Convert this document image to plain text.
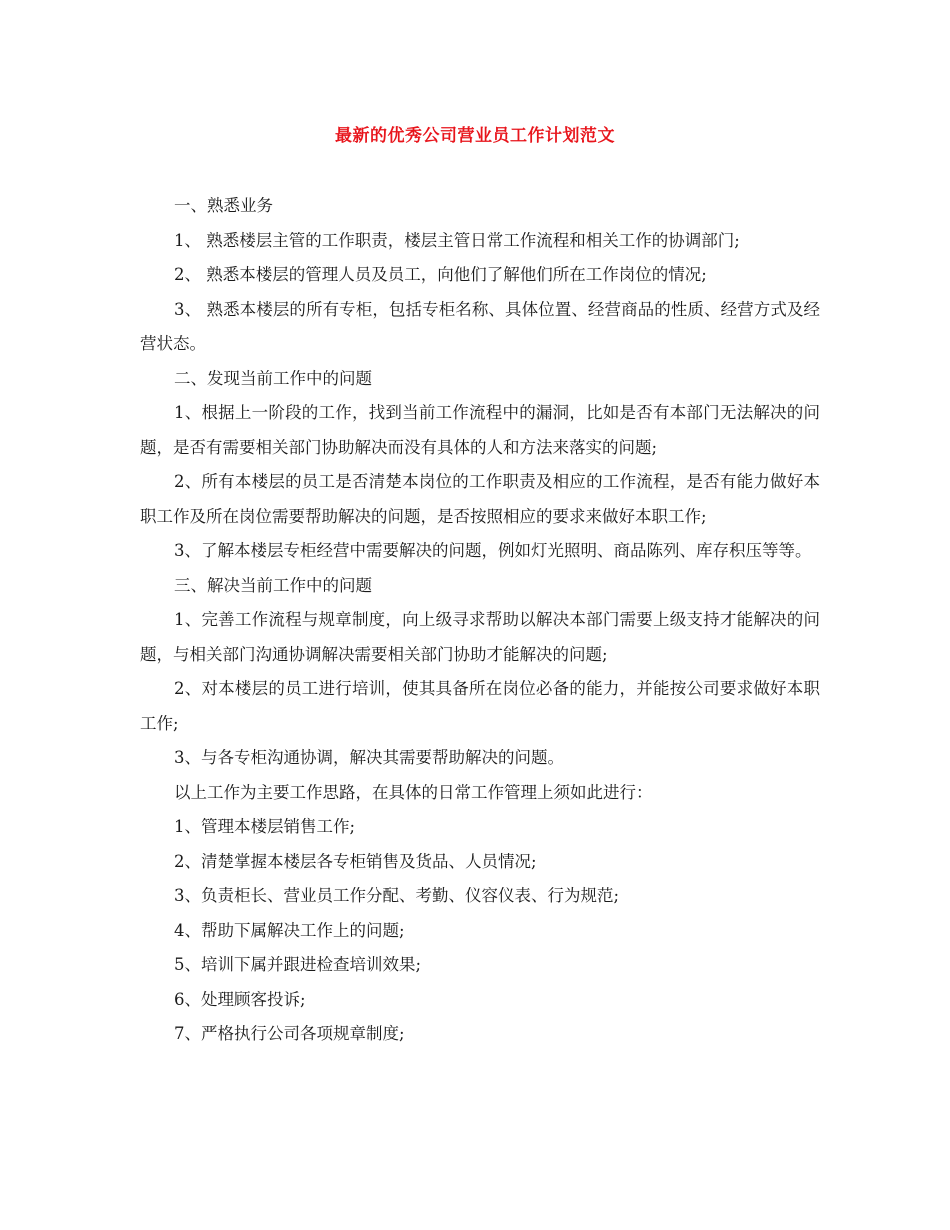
最新的优秀公司营业员工作计划范文

一、熟悉业务

1、 熟悉楼层主管的工作职责，楼层主管日常工作流程和相关工作的协调部门;

2、 熟悉本楼层的管理人员及员工，向他们了解他们所在工作岗位的情况;

3、 熟悉本楼层的所有专柜，包括专柜名称、具体位置、经营商品的性质、经营方式及经营状态。

二、发现当前工作中的问题

1、根据上一阶段的工作，找到当前工作流程中的漏洞，比如是否有本部门无法解决的问题，是否有需要相关部门协助解决而没有具体的人和方法来落实的问题;

2、所有本楼层的员工是否清楚本岗位的工作职责及相应的工作流程，是否有能力做好本职工作及所在岗位需要帮助解决的问题，是否按照相应的要求来做好本职工作;

3、了解本楼层专柜经营中需要解决的问题，例如灯光照明、商品陈列、库存积压等等。

三、解决当前工作中的问题

1、完善工作流程与规章制度，向上级寻求帮助以解决本部门需要上级支持才能解决的问题，与相关部门沟通协调解决需要相关部门协助才能解决的问题;

2、对本楼层的员工进行培训，使其具备所在岗位必备的能力，并能按公司要求做好本职工作;

3、与各专柜沟通协调，解决其需要帮助解决的问题。

以上工作为主要工作思路，在具体的日常工作管理上须如此进行：

1、管理本楼层销售工作;

2、清楚掌握本楼层各专柜销售及货品、人员情况;

3、负责柜长、营业员工作分配、考勤、仪容仪表、行为规范;

4、帮助下属解决工作上的问题;

5、培训下属并跟进检查培训效果;

6、处理顾客投诉;

7、严格执行公司各项规章制度;
